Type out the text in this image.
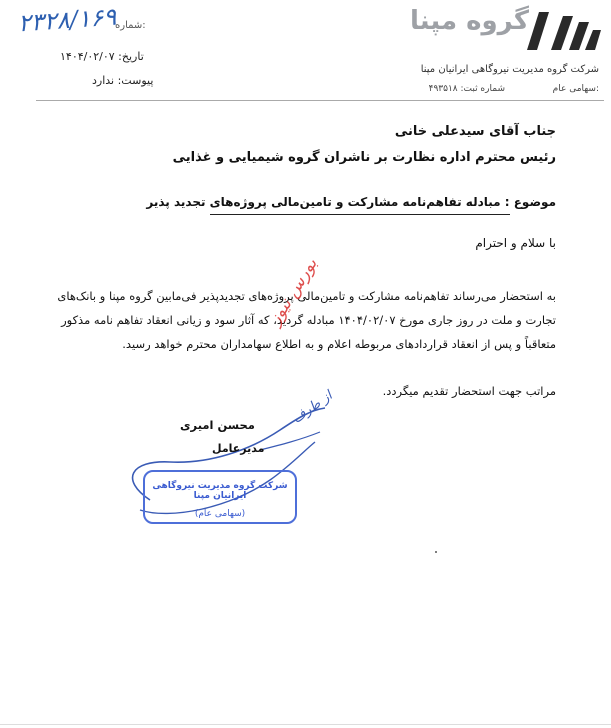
گروه مپنا
۲۳۲۸/۱۶۹
:شماره
تاریخ: ۱۴۰۴/۰۲/۰۷
پیوست: ندارد
شرکت گروه مدیریت نیروگاهی ایرانیان مپنا
:سهامی عام
شماره ثبت: ۴۹۳۵۱۸
جناب آقای سیدعلی خانی
رئیس محترم اداره نظارت بر ناشران گروه شیمیایی و غذایی
موضوع : مبادله تفاهم‌نامه مشارکت و تامین‌مالی پروژه‌های تجدید پذیر
با سلام و احترام
به استحضار می‌رساند تفاهم‌نامه مشارکت و تامین‌مالی پروژه‌های تجدیدپذیر فی‌مابین گروه مپنا و بانک‌های تجارت و ملت در روز جاری مورخ ۱۴۰۴/۰۲/۰۷ مبادله گردید، که آثار سود و زیانی انعقاد تفاهم نامه مذکور متعاقباً و پس از انعقاد قراردادهای مربوطه اعلام و به اطلاع سهامداران محترم خواهد رسید.
مراتب جهت استحضار تقدیم میگردد.
بورس نیوز
از طرف
محسن امیری
مدیرعامل
شرکت گروه مدیریت نیروگاهی ایرانیان مپنا
(سهامی عام)
